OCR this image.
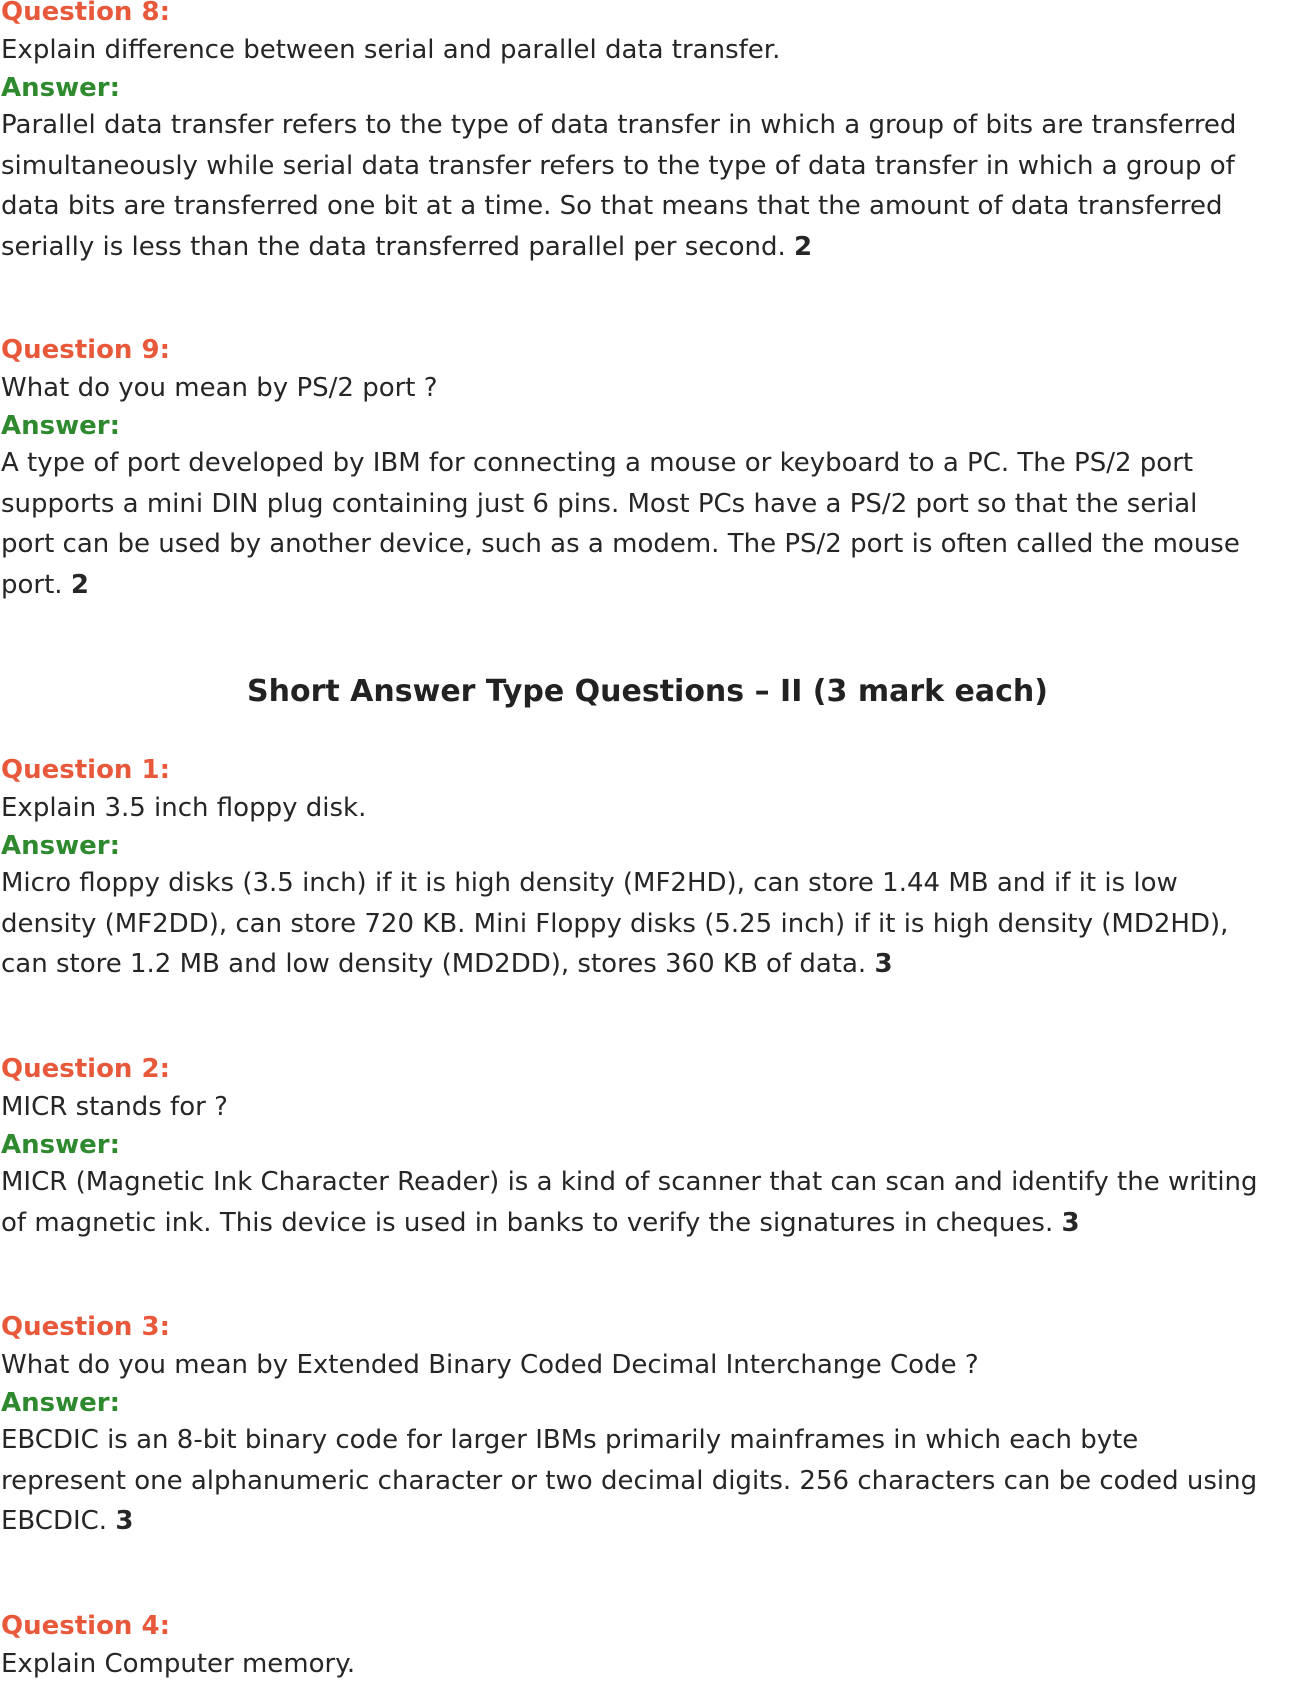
Question 8:

Explain difference between serial and parallel data transfer.

Answer:

Parallel data transfer refers to the type of data transfer in which a group of bits are transferred
simultaneously while serial data transfer refers to the type of data transfer in which a group of
data bits are transferred one bit at a time. So that means that the amount of data transferred
serially is less than the data transferred parallel per second. 2

Question 9:

What do you mean by PS/2 port ?

Answer:

A type of port developed by IBM for connecting a mouse or keyboard to a PC. The PS/2 port
supports a mini DIN plug containing just 6 pins. Most PCs have a PS/2 port so that the serial
port can be used by another device, such as a modem. The PS/2 port is often called the mouse
port. 2
Short Answer Type Questions – II (3 mark each)

Question 1:

Explain 3.5 inch floppy disk.

Answer:

Micro floppy disks (3.5 inch) if it is high density (MF2HD), can store 1.44 MB and if it is low
density (MF2DD), can store 720 KB. Mini Floppy disks (5.25 inch) if it is high density (MD2HD),
can store 1.2 MB and low density (MD2DD), stores 360 KB of data. 3

Question 2:

MICR stands for ?

Answer:

MICR (Magnetic Ink Character Reader) is a kind of scanner that can scan and identify the writing
of magnetic ink. This device is used in banks to verify the signatures in cheques. 3

Question 3:

What do you mean by Extended Binary Coded Decimal Interchange Code ?

Answer:

EBCDIC is an 8-bit binary code for larger IBMs primarily mainframes in which each byte
represent one alphanumeric character or two decimal digits. 256 characters can be coded using
EBCDIC. 3

Question 4:

Explain Computer memory.
